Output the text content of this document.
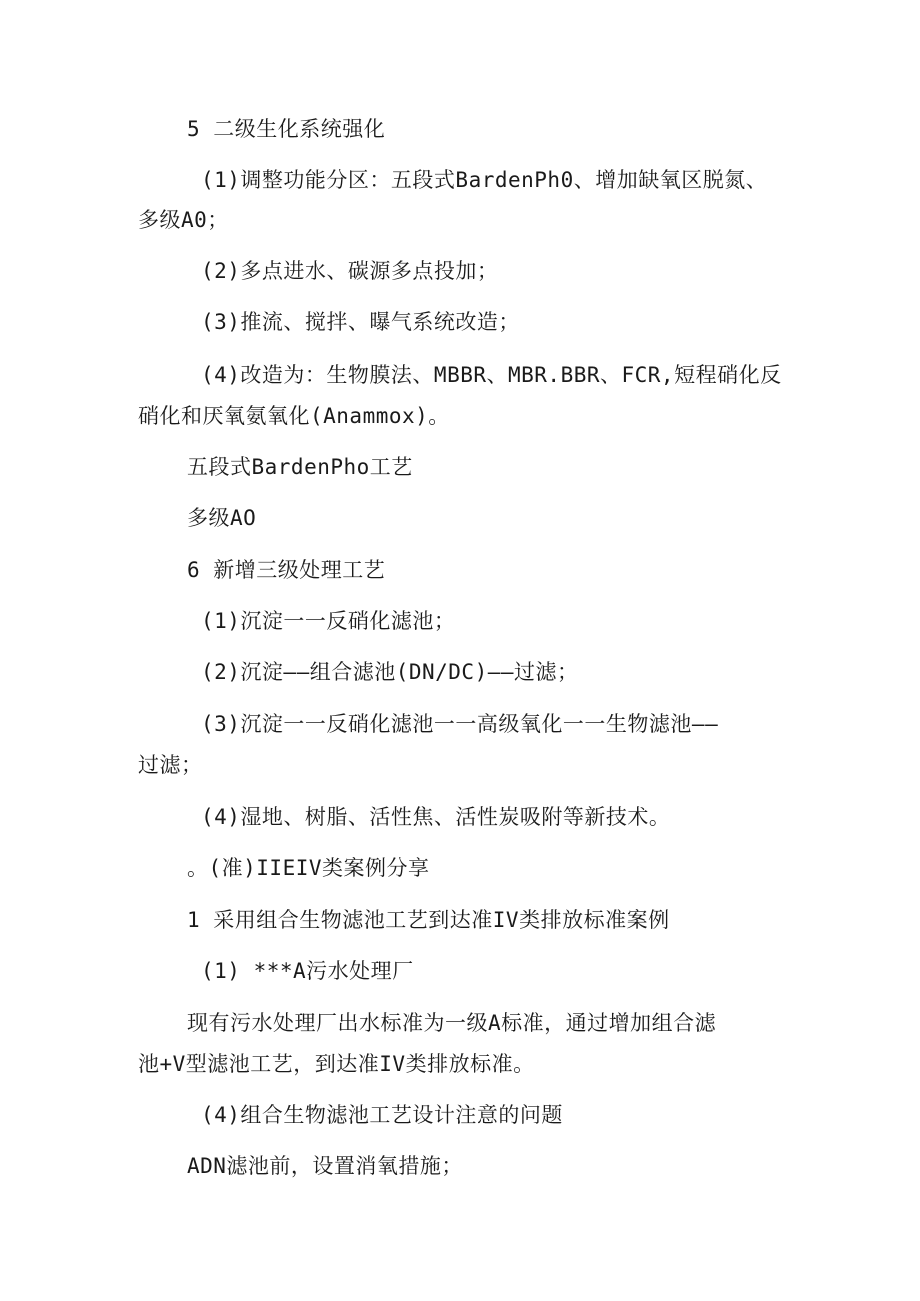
5 二级生化系统强化
(1)调整功能分区：五段式BardenPh0、增加缺氧区脱氮、
多级A0；
(2)多点进水、碳源多点投加；
(3)推流、搅拌、曝气系统改造；
(4)改造为：生物膜法、MBBR、MBR.BBR、FCR,短程硝化反
硝化和厌氧氨氧化(Anammox)。
五段式BardenPho工艺
多级AO
6 新增三级处理工艺
(1)沉淀一一反硝化滤池；
(2)沉淀——组合滤池(DN/DC)——过滤；
(3)沉淀一一反硝化滤池一一高级氧化一一生物滤池——
过滤；
(4)湿地、树脂、活性焦、活性炭吸附等新技术。
。(准)IIEIV类案例分享
1 采用组合生物滤池工艺到达准IV类排放标准案例
(1) ***A污水处理厂
现有污水处理厂出水标准为一级A标准，通过增加组合滤
池+V型滤池工艺，到达准IV类排放标准。
(4)组合生物滤池工艺设计注意的问题
ADN滤池前，设置消氧措施；
